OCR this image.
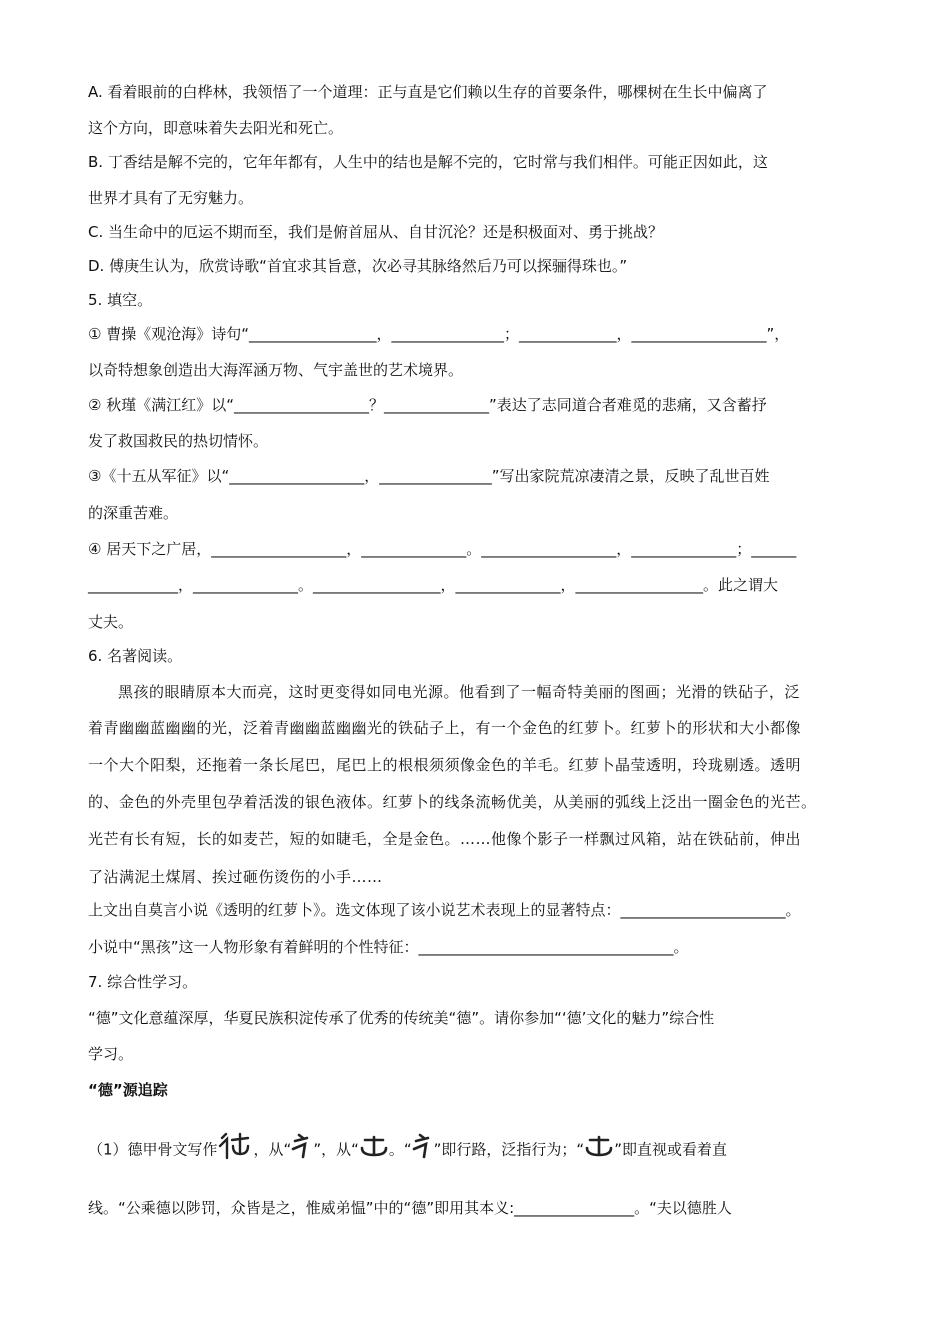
A. 看着眼前的白桦林，我领悟了一个道理：正与直是它们赖以生存的首要条件，哪棵树在生长中偏离了
这个方向，即意味着失去阳光和死亡。
B. 丁香结是解不完的，它年年都有，人生中的结也是解不完的，它时常与我们相伴。可能正因如此，这
世界才具有了无穷魅力。
C. 当生命中的厄运不期而至，我们是俯首屈从、自甘沉沦？还是积极面对、勇于挑战？
D. 傅庚生认为，欣赏诗歌“首宜求其旨意，次必寻其脉络然后乃可以探骊得珠也。”
5. 填空。
① 曹操《观沧海》诗句“_________________，_______________；_____________，__________________”，
以奇特想象创造出大海浑涵万物、气宇盖世的艺术境界。
② 秋瑾《满江红》以“__________________？______________”表达了志同道合者难觅的悲痛，又含蓄抒
发了救国救民的热切情怀。
③《十五从军征》以“__________________，_______________”写出家院荒凉凄清之景，反映了乱世百姓
的深重苦难。
④ 居天下之广居，__________________，______________。__________________，______________；______
____________，______________。_________________，______________，_________________。此之谓大
丈夫。
6. 名著阅读。
黑孩的眼睛原本大而亮，这时更变得如同电光源。他看到了一幅奇特美丽的图画；光滑的铁砧子，泛
着青幽幽蓝幽幽的光，泛着青幽幽蓝幽幽光的铁砧子上，有一个金色的红萝卜。红萝卜的形状和大小都像
一个大个阳梨，还拖着一条长尾巴，尾巴上的根根须须像金色的羊毛。红萝卜晶莹透明，玲珑剔透。透明
的、金色的外壳里包孕着活泼的银色液体。红萝卜的线条流畅优美，从美丽的弧线上泛出一圈金色的光芒。
光芒有长有短，长的如麦芒，短的如睫毛，全是金色。……他像个影子一样飘过风箱，站在铁砧前，伸出
了沾满泥土煤屑、挨过砸伤烫伤的小手……
上文出自莫言小说《透明的红萝卜》。选文体现了该小说艺术表现上的显著特点：______________________。
小说中“黑孩”这一人物形象有着鲜明的个性特征：__________________________________。
7. 综合性学习。
“德”文化意蕴深厚，华夏民族积淀传承了优秀的传统美“德”。请你参加“‘德’文化的魅力”综合性
学习。
“德”源追踪
（1）德甲骨文写作 ，从“ ”，从“ 。“ ”即行路，泛指行为；“ ”即直视或看着直
线。“公乘德以陟罚，众皆是之，惟威弟愠”中的“德”即用其本义:________________。“夫以德胜人
